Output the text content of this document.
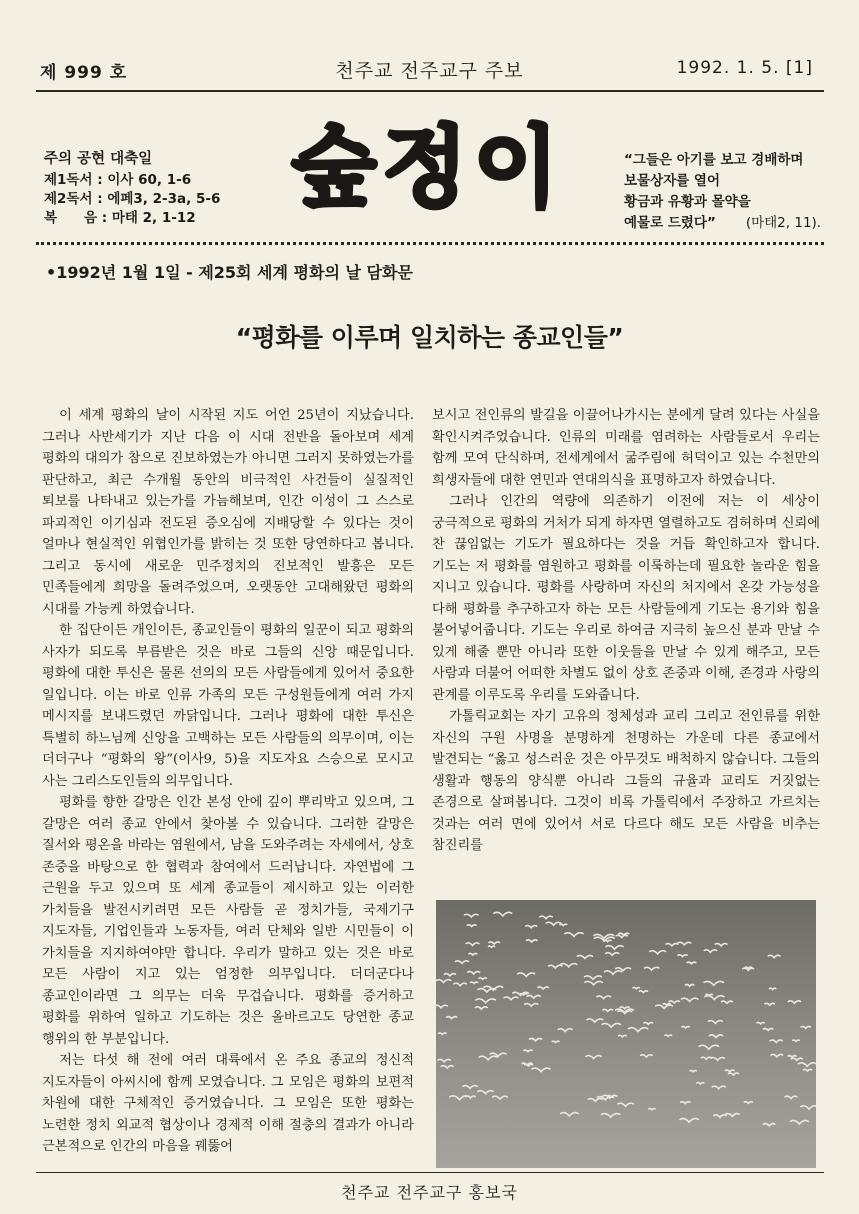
제 999 호	천주교 전주교구 주보	1992. 1. 5. [1]
주의 공현 대축일
제1독서 : 이사 60, 1-6
제2독서 : 에페3, 2-3a, 5-6
복　　음 : 마태 2, 1-12	숲정이	“그들은 아기를 보고 경배하며
보물상자를 열어
황금과 유황과 몰약을
예물로 드렸다” (마태2, 11).
•1992년 1월 1일 - 제25회 세계 평화의 날 담화문
“평화를 이루며 일치하는 종교인들”

이 세계 평화의 날이 시작된 지도 어언 25년이 지났습니다. 그러나 사반세기가 지난 다음 이 시대 전반을 돌아보며 세계 평화의 대의가 참으로 진보하였는가 아니면 그러지 못하였는가를 판단하고, 최근 수개월 동안의 비극적인 사건들이 실질적인 퇴보를 나타내고 있는가를 가늠해보며, 인간 이성이 그 스스로 파괴적인 이기심과 전도된 증오심에 지배당할 수 있다는 것이 얼마나 현실적인 위협인가를 밝히는 것 또한 당연하다고 봅니다. 그리고 동시에 새로운 민주정치의 진보적인 발흥은 모든 민족들에게 희망을 돌려주었으며, 오랫동안 고대해왔던 평화의 시대를 가능케 하였습니다.

한 집단이든 개인이든, 종교인들이 평화의 일꾼이 되고 평화의 사자가 되도록 부름받은 것은 바로 그들의 신앙 때문입니다. 평화에 대한 투신은 물론 선의의 모든 사람들에게 있어서 중요한 일입니다. 이는 바로 인류 가족의 모든 구성원들에게 여러 가지 메시지를 보내드렸던 까닭입니다. 그러나 평화에 대한 투신은 특별히 하느님께 신앙을 고백하는 모든 사람들의 의무이며, 이는 더더구나 “평화의 왕”(이사9, 5)을 지도자요 스승으로 모시고 사는 그리스도인들의 의무입니다.

평화를 향한 갈망은 인간 본성 안에 깊이 뿌리박고 있으며, 그 갈망은 여러 종교 안에서 찾아볼 수 있습니다. 그러한 갈망은 질서와 평온을 바라는 염원에서, 남을 도와주려는 자세에서, 상호 존중을 바탕으로 한 협력과 참여에서 드러납니다. 자연법에 그 근원을 두고 있으며 또 세계 종교들이 제시하고 있는 이러한 가치들을 발전시키려면 모든 사람들 곧 정치가들, 국제기구 지도자들, 기업인들과 노동자들, 여러 단체와 일반 시민들이 이 가치들을 지지하여야만 합니다. 우리가 말하고 있는 것은 바로 모든 사람이 지고 있는 엄정한 의무입니다. 더더군다나 종교인이라면 그 의무는 더욱 무겁습니다. 평화를 증거하고 평화를 위하여 일하고 기도하는 것은 올바르고도 당연한 종교 행위의 한 부분입니다.

저는 다섯 해 전에 여러 대륙에서 온 주요 종교의 정신적 지도자들이 아씨시에 함께 모였습니다. 그 모임은 평화의 보편적 차원에 대한 구체적인 증거였습니다. 그 모임은 또한 평화는 노련한 정치 외교적 협상이나 경제적 이해 절충의 결과가 아니라 근본적으로 인간의 마음을 꿰뚫어

보시고 전인류의 발길을 이끌어나가시는 분에게 달려 있다는 사실을 확인시켜주었습니다. 인류의 미래를 염려하는 사람들로서 우리는 함께 모여 단식하며, 전세계에서 굶주림에 허덕이고 있는 수천만의 희생자들에 대한 연민과 연대의식을 표명하고자 하였습니다.

그러나 인간의 역량에 의존하기 이전에 저는 이 세상이 궁극적으로 평화의 거처가 되게 하자면 열렬하고도 겸허하며 신뢰에 찬 끊임없는 기도가 필요하다는 것을 거듭 확인하고자 합니다. 기도는 저 평화를 염원하고 평화를 이룩하는데 필요한 놀라운 힘을 지니고 있습니다. 평화를 사랑하며 자신의 처지에서 온갖 가능성을 다해 평화를 추구하고자 하는 모든 사람들에게 기도는 용기와 힘을 불어넣어줍니다. 기도는 우리로 하여금 지극히 높으신 분과 만날 수 있게 해줄 뿐만 아니라 또한 이웃들을 만날 수 있게 해주고, 모든 사람과 더불어 어떠한 차별도 없이 상호 존중과 이해, 존경과 사랑의 관계를 이루도록 우리를 도와줍니다.

가톨릭교회는 자기 고유의 정체성과 교리 그리고 전인류를 위한 자신의 구원 사명을 분명하게 천명하는 가운데 다른 종교에서 발견되는 “옳고 성스러운 것은 아무것도 배척하지 않습니다. 그들의 생활과 행동의 양식뿐 아니라 그들의 규율과 교리도 거짓없는 존경으로 살펴봅니다. 그것이 비록 가톨릭에서 주장하고 가르치는 것과는 여러 면에 있어서 서로 다르다 해도 모든 사람을 비추는 참진리를

천주교 전주교구 홍보국
